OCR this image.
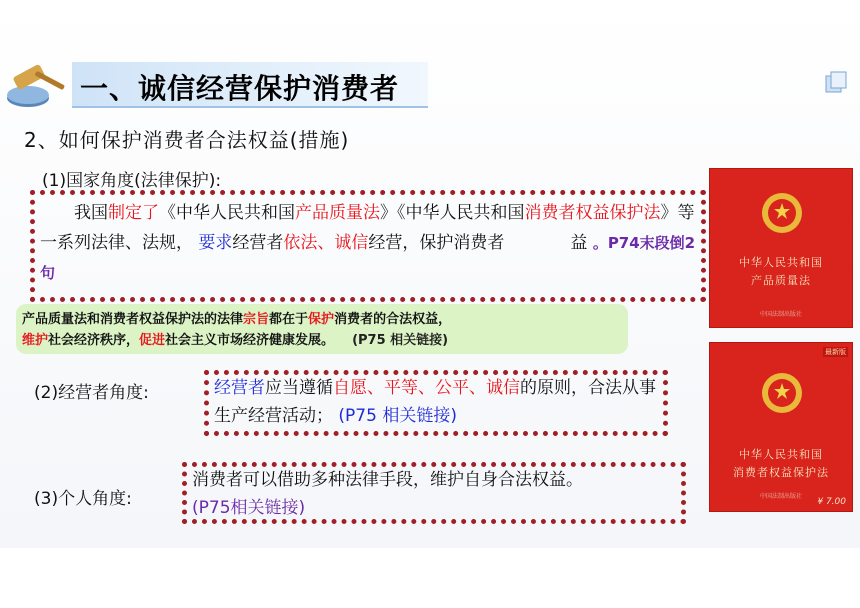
一、诚信经营保护消费者
2、如何保护消费者合法权益(措施)
(1)国家角度(法律保护):
我国制定了《中华人民共和国产品质量法》《中华人民共和国消费者权益保护法》等一系列法律、法规， 要求经营者依法、诚信经营，保护消费者	益 。P74末段倒2句
产品质量法和消费者权益保护法的法律宗旨都在于保护消费者的合法权益，
维护社会经济秩序，促进社会主义市场经济健康发展。 (P75 相关链接)
(2)经营者角度:	经营者应当遵循自愿、平等、公平、诚信的原则，合法从事生产经营活动； (P75 相关链接)
(3)个人角度:
消费者可以借助多种法律手段，维护自身合法权益。
(P75相关链接)
中华人民共和国
产品质量法
中国法制出版社
最新版
中华人民共和国
消费者权益保护法
中国法制出版社
¥ 7.00
